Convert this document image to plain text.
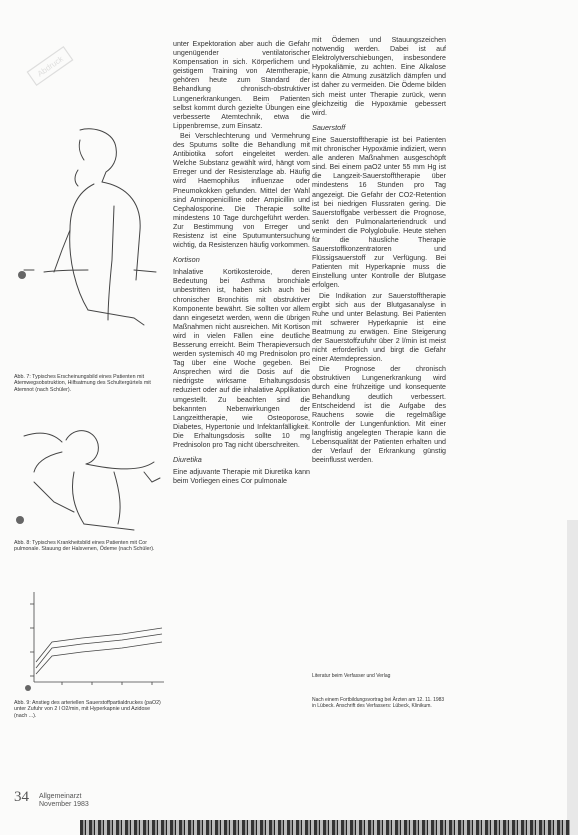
Abdruck
Abb. 7: Typisches Erscheinungsbild eines Patienten mit Atemwegsobstruktion, Hilfsatmung des Schultergürtels mit Atemnot (nach Schüler).
Abb. 8: Typisches Krankheitsbild eines Patienten mit Cor pulmonale. Stauung der Halsvenen, Ödeme (nach Schüler).
Abb. 9: Anstieg des arteriellen Sauerstoffpartialdruckes (paO2) unter Zufuhr von 2 l O2/min, mit Hyperkapnie und Azidose (nach ...).

unter Expektoration aber auch die Gefahr ungenügender ventilatorischer Kompensation in sich. Körperlichem und geistigem Training von Atemtherapie, gehören heute zum Standard der Behandlung chronisch-obstruktiver Lungenerkrankungen. Beim Patienten selbst kommt durch gezielte Übungen eine verbesserte Atemtechnik, etwa die Lippenbremse, zum Einsatz.

Bei Verschlechterung und Vermehrung des Sputums sollte die Behandlung mit Antibiotika sofort eingeleitet werden. Welche Substanz gewählt wird, hängt vom Erreger und der Resistenzlage ab. Häufig wird Haemophilus influenzae oder Pneumokokken gefunden. Mittel der Wahl sind Aminopenicilline oder Ampicillin und Cephalosporine. Die Therapie sollte mindestens 10 Tage durchgeführt werden. Zur Bestimmung von Erreger und Resistenz ist eine Sputumuntersuchung wichtig, da Resistenzen häufig vorkommen.

Kortison

Inhalative Kortikosteroide, deren Bedeutung bei Asthma bronchiale unbestritten ist, haben sich auch bei chronischer Bronchitis mit obstruktiver Komponente bewährt. Sie sollten vor allem dann eingesetzt werden, wenn die übrigen Maßnahmen nicht ausreichen. Mit Kortison wird in vielen Fällen eine deutliche Besserung erreicht. Beim Therapieversuch werden systemisch 40 mg Prednisolon pro Tag über eine Woche gegeben. Bei Ansprechen wird die Dosis auf die niedrigste wirksame Erhaltungsdosis reduziert oder auf die inhalative Applikation umgestellt. Zu beachten sind die bekannten Nebenwirkungen der Langzeittherapie, wie Osteoporose, Diabetes, Hypertonie und Infektanfälligkeit. Die Erhaltungsdosis sollte 10 mg Prednisolon pro Tag nicht überschreiten.

Diuretika

Eine adjuvante Therapie mit Diuretika kann beim Vorliegen eines Cor pulmonale

mit Ödemen und Stauungszeichen notwendig werden. Dabei ist auf Elektrolytverschiebungen, insbesondere Hypokaliämie, zu achten. Eine Alkalose kann die Atmung zusätzlich dämpfen und ist daher zu vermeiden. Die Ödeme bilden sich meist unter Therapie zurück, wenn gleichzeitig die Hypoxämie gebessert wird.

Sauerstoff

Eine Sauerstofftherapie ist bei Patienten mit chronischer Hypoxämie indiziert, wenn alle anderen Maßnahmen ausgeschöpft sind. Bei einem paO2 unter 55 mm Hg ist die Langzeit-Sauerstofftherapie über mindestens 16 Stunden pro Tag angezeigt. Die Gefahr der CO2-Retention ist bei niedrigen Flussraten gering. Die Sauerstoffgabe verbessert die Prognose, senkt den Pulmonalarteriendruck und vermindert die Polyglobulie. Heute stehen für die häusliche Therapie Sauerstoffkonzentratoren und Flüssigsauerstoff zur Verfügung. Bei Patienten mit Hyperkapnie muss die Einstellung unter Kontrolle der Blutgase erfolgen.

Die Indikation zur Sauerstofftherapie ergibt sich aus der Blutgasanalyse in Ruhe und unter Belastung. Bei Patienten mit schwerer Hyperkapnie ist eine Beatmung zu erwägen. Eine Steigerung der Sauerstoffzufuhr über 2 l/min ist meist nicht erforderlich und birgt die Gefahr einer Atemdepression.

Die Prognose der chronisch obstruktiven Lungenerkrankung wird durch eine frühzeitige und konsequente Behandlung deutlich verbessert. Entscheidend ist die Aufgabe des Rauchens sowie die regelmäßige Kontrolle der Lungenfunktion. Mit einer langfristig angelegten Therapie kann die Lebensqualität der Patienten erhalten und der Verlauf der Erkrankung günstig beeinflusst werden.

Literatur beim Verfasser und Verlag
Nach einem Fortbildungsvortrag bei Ärzten am 12. 11. 1983 in Lübeck. Anschrift des Verfassers: Lübeck, Klinikum.
34 Allgemeinarzt
November 1983
